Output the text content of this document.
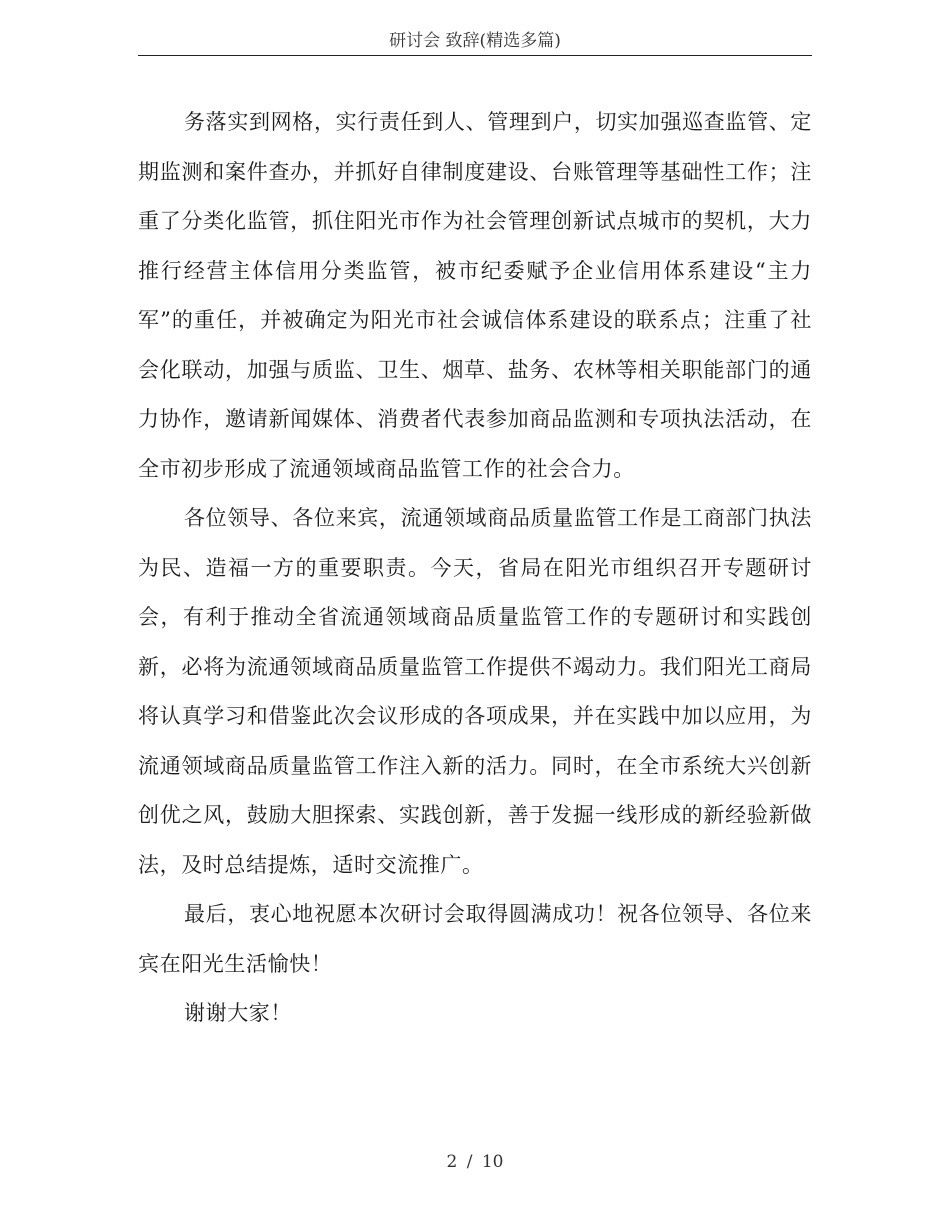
研讨会 致辞(精选多篇)

务落实到网格，实行责任到人、管理到户，切实加强巡查监管、定期监测和案件查办，并抓好自律制度建设、台账管理等基础性工作；注重了分类化监管，抓住阳光市作为社会管理创新试点城市的契机，大力推行经营主体信用分类监管，被市纪委赋予企业信用体系建设“主力军”的重任，并被确定为阳光市社会诚信体系建设的联系点；注重了社会化联动，加强与质监、卫生、烟草、盐务、农林等相关职能部门的通力协作，邀请新闻媒体、消费者代表参加商品监测和专项执法活动，在全市初步形成了流通领域商品监管工作的社会合力。

各位领导、各位来宾，流通领域商品质量监管工作是工商部门执法为民、造福一方的重要职责。今天，省局在阳光市组织召开专题研讨会，有利于推动全省流通领域商品质量监管工作的专题研讨和实践创新，必将为流通领域商品质量监管工作提供不竭动力。我们阳光工商局将认真学习和借鉴此次会议形成的各项成果，并在实践中加以应用，为流通领域商品质量监管工作注入新的活力。同时，在全市系统大兴创新创优之风，鼓励大胆探索、实践创新，善于发掘一线形成的新经验新做法，及时总结提炼，适时交流推广。

最后，衷心地祝愿本次研讨会取得圆满成功！祝各位领导、各位来宾在阳光生活愉快！

谢谢大家！

2 / 10
